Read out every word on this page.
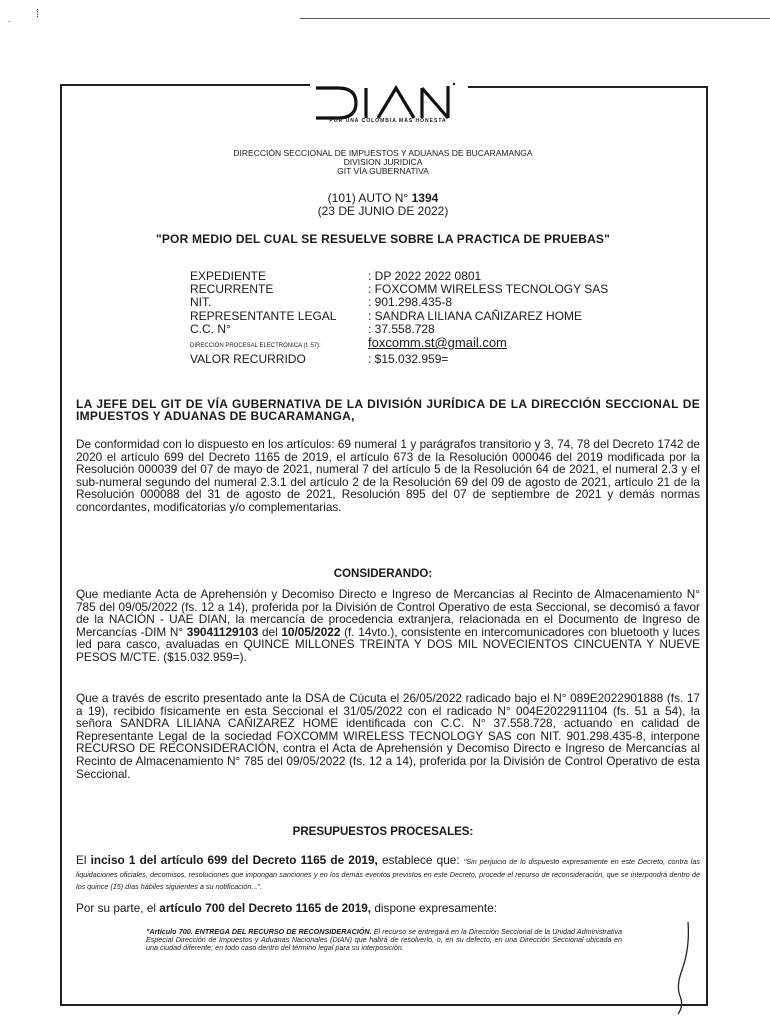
˙
⁞
POR UNA COLOMBIA MÁS HONESTA
DIRECCIÓN SECCIONAL DE IMPUESTOS Y ADUANAS DE BUCARAMANGA
DIVISION JURIDICA
GIT VÍA GUBERNATIVA
(101) AUTO N° 1394
(23 DE JUNIO DE 2022)
"POR MEDIO DEL CUAL SE RESUELVE SOBRE LA PRACTICA DE PRUEBAS"
EXPEDIENTE	: DP 2022 2022 0801
RECURRENTE	: FOXCOMM WIRELESS TECNOLOGY SAS
NIT.	: 901.298.435-8
REPRESENTANTE LEGAL	: SANDRA LILIANA CAÑIZAREZ HOME
C.C. N°	: 37.558.728
DIRECCIÓN PROCESAL ELECTRÓNICA (f. 57):	foxcomm.st@gmail.com
VALOR RECURRIDO	: $15.032.959=
LA JEFE DEL GIT DE VÍA GUBERNATIVA DE LA DIVISIÓN JURÍDICA DE LA DIRECCIÓN SECCIONAL DE IMPUESTOS Y ADUANAS DE BUCARAMANGA,
De conformidad con lo dispuesto en los artículos: 69 numeral 1 y parágrafos transitorio y 3, 74, 78 del Decreto 1742 de 2020 el artículo 699 del Decreto 1165 de 2019, el artículo 673 de la Resolución 000046 del 2019 modificada por la Resolución 000039 del 07 de mayo de 2021, numeral 7 del artículo 5 de la Resolución 64 de 2021, el numeral 2.3 y el sub-numeral segundo del numeral 2.3.1 del artículo 2 de la Resolución 69 del 09 de agosto de 2021, artículo 21 de la Resolución 000088 del 31 de agosto de 2021, Resolución 895 del 07 de septiembre de 2021 y demás normas concordantes, modificatorias y/o complementarias.
CONSIDERANDO:
Que mediante Acta de Aprehensión y Decomiso Directo e Ingreso de Mercancías al Recinto de Almacenamiento N° 785 del 09/05/2022 (fs. 12 a 14), proferida por la División de Control Operativo de esta Seccional, se decomisó a favor de la NACIÓN - UAE DIAN, la mercancía de procedencia extranjera, relacionada en el Documento de Ingreso de Mercancías -DIM N° 39041129103 del 10/05/2022 (f. 14vto.), consistente en intercomunicadores con bluetooth y luces led para casco, avaluadas en QUINCE MILLONES TREINTA Y DOS MIL NOVECIENTOS CINCUENTA Y NUEVE PESOS M/CTE. ($15.032.959=).
Que a través de escrito presentado ante la DSA de Cúcuta el 26/05/2022 radicado bajo el N° 089E2022901888 (fs. 17 a 19), recibido físicamente en esta Seccional el 31/05/2022 con el radicado N° 004E2022911104 (fs. 51 a 54), la señora SANDRA LILIANA CAÑIZAREZ HOME identificada con C.C. N° 37.558.728, actuando en calidad de Representante Legal de la sociedad FOXCOMM WIRELESS TECNOLOGY SAS con NIT. 901.298.435-8, interpone RECURSO DE RECONSIDERACIÓN, contra el Acta de Aprehensión y Decomiso Directo e Ingreso de Mercancías al Recinto de Almacenamiento N° 785 del 09/05/2022 (fs. 12 a 14), proferida por la División de Control Operativo de esta Seccional.
PRESUPUESTOS PROCESALES:
El inciso 1 del artículo 699 del Decreto 1165 de 2019, establece que: "Sin perjuicio de lo dispuesto expresamente en este Decreto, contra las liquidaciones oficiales, decomisos, resoluciones que impongan sanciones y en los demás eventos previstos en este Decreto, procede el recurso de reconsideración, que se interpondrá dentro de los quince (15) días hábiles siguientes a su notificación...".
Por su parte, el artículo 700 del Decreto 1165 de 2019, dispone expresamente:
"Artículo 700. ENTREGA DEL RECURSO DE RECONSIDERACIÓN. El recurso se entregará en la Dirección Seccional de la Unidad Administrativa Especial Dirección de Impuestos y Aduanas Nacionales (DIAN) que habrá de resolverlo, o, en su defecto, en una Dirección Seccional ubicada en una ciudad diferente; en todo caso dentro del término legal para su interposición.
